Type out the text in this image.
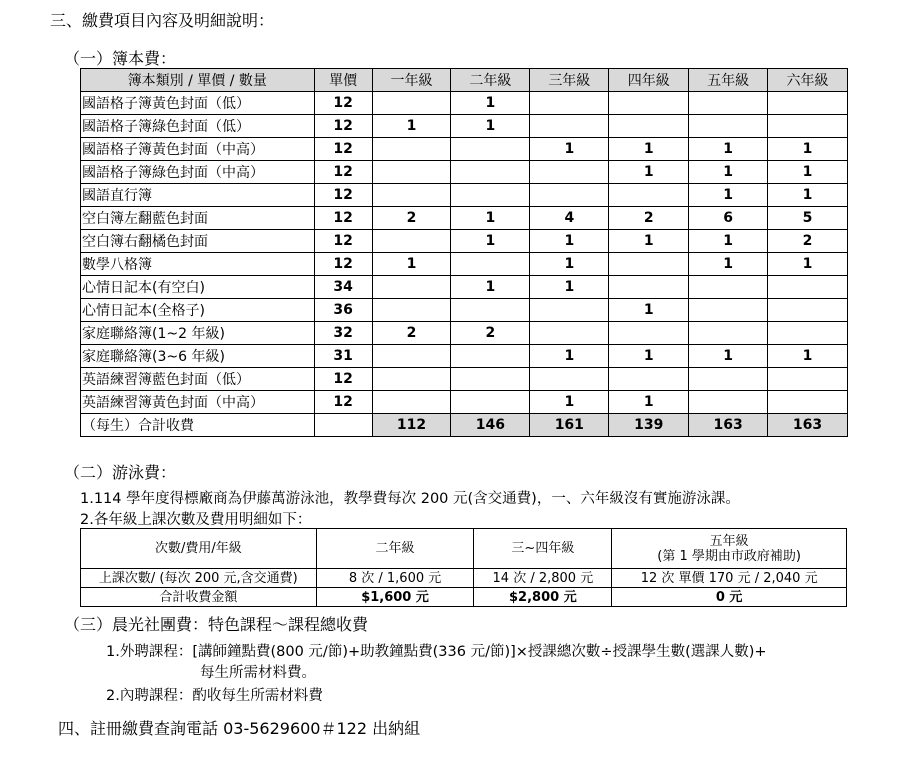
三、繳費項目內容及明細說明：
（一）簿本費：
簿本類別 / 單價 / 數量	單價	一年級	二年級	三年級	四年級	五年級	六年級
國語格子簿黃色封面（低）	12		1				
國語格子簿綠色封面（低）	12	1	1				
國語格子簿黃色封面（中高）	12			1	1	1	1
國語格子簿綠色封面（中高）	12				1	1	1
國語直行簿	12					1	1
空白簿左翻藍色封面	12	2	1	4	2	6	5
空白簿右翻橘色封面	12		1	1	1	1	2
數學八格簿	12	1		1		1	1
心情日記本(有空白)	34		1	1			
心情日記本(全格子)	36				1		
家庭聯絡簿(1~2 年級)	32	2	2				
家庭聯絡簿(3~6 年級)	31			1	1	1	1
英語練習簿藍色封面（低）	12						
英語練習簿黃色封面（中高）	12			1	1		
（每生）合計收費		112	146	161	139	163	163
（二）游泳費：
1.114 學年度得標廠商為伊藤萬游泳池，教學費每次 200 元(含交通費)，一、六年級沒有實施游泳課。
2.各年級上課次數及費用明細如下：
次數/費用/年級	二年級	三~四年級	五年級
(第 1 學期由市政府補助)

上課次數/ (每次 200 元,含交通費)	8 次 / 1,600 元	14 次 / 2,800 元	12 次 單價 170 元 / 2,040 元
合計收費金額	$1,600 元	$2,800 元	0 元
（三）晨光社團費：特色課程～課程總收費
1.外聘課程：[講師鐘點費(800 元/節)+助教鐘點費(336 元/節)]×授課總次數÷授課學生數(選課人數)+
每生所需材料費。
2.內聘課程：酌收每生所需材料費
四、註冊繳費查詢電話 03-5629600＃122 出納組
